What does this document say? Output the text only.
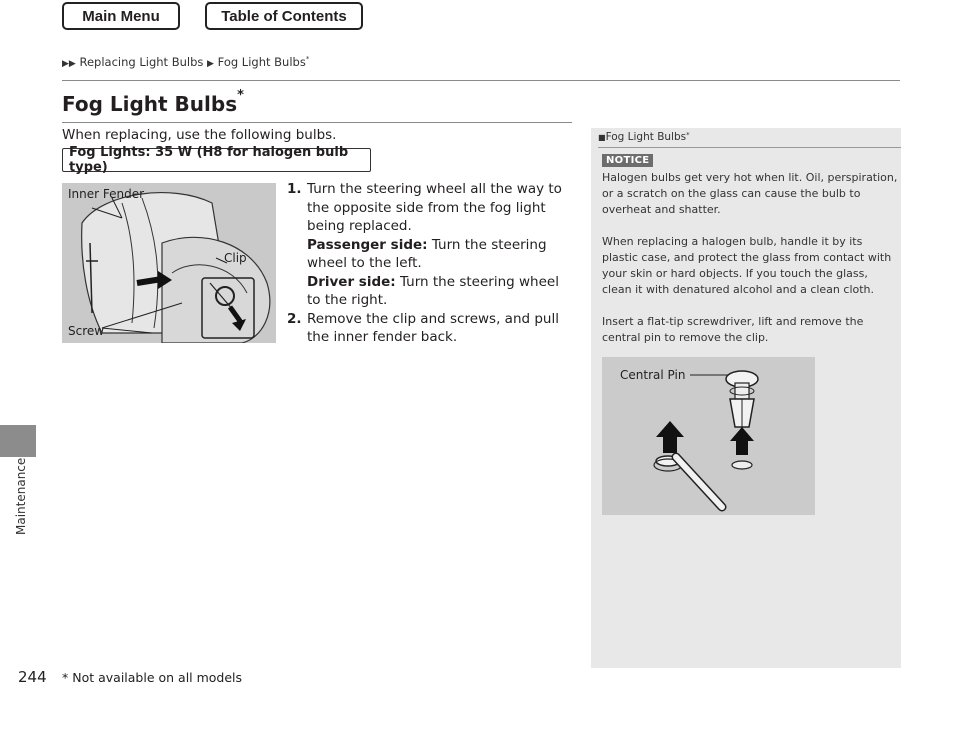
Main Menu	Table of Contents
▶▶ Replacing Light Bulbs ▶ Fog Light Bulbs*
Maintenance
Fog Light Bulbs*
When replacing, use the following bulbs.
Fog Lights: 35 W (H8 for halogen bulb type)
Inner Fender
Clip
Screw
1. Turn the steering wheel all the way to the opposite side from the fog light being replaced.
Passenger side: Turn the steering wheel to the left.
Driver side: Turn the steering wheel to the right.
2. Remove the clip and screws, and pull the inner fender back.
■Fog Light Bulbs*
NOTICE
Halogen bulbs get very hot when lit. Oil, perspiration, or a scratch on the glass can cause the bulb to overheat and shatter.
When replacing a halogen bulb, handle it by its plastic case, and protect the glass from contact with your skin or hard objects. If you touch the glass, clean it with denatured alcohol and a clean cloth.
Insert a flat-tip screwdriver, lift and remove the central pin to remove the clip.
Central Pin
244 * Not available on all models
